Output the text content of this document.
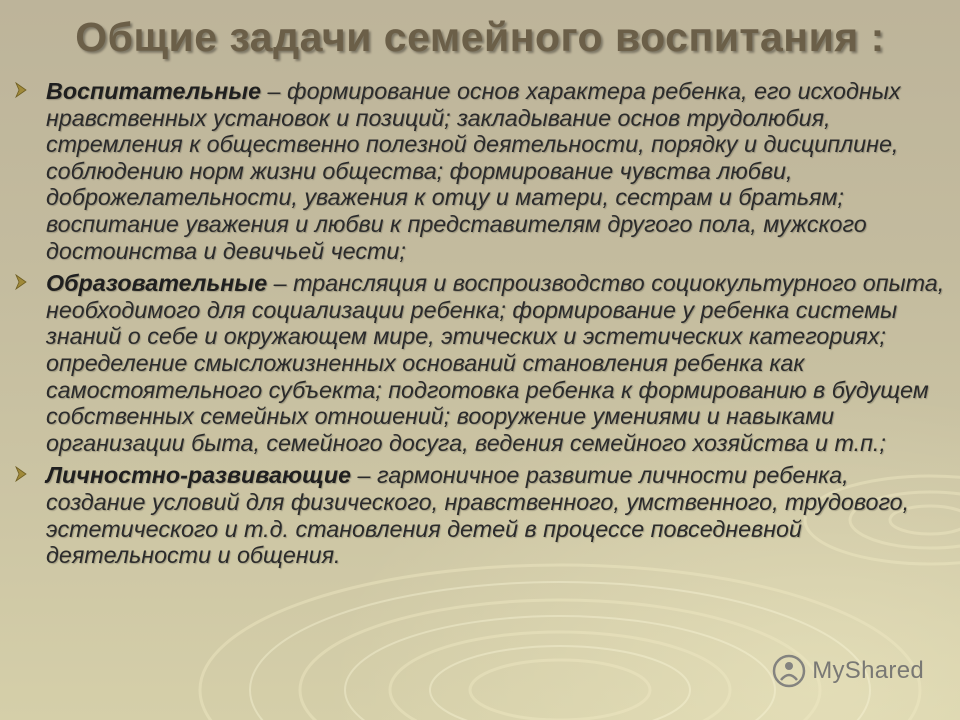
Общие задачи семейного воспитания :
Воспитательные – формирование основ характера ребенка, его исходных нравственных установок и позиций; закладывание основ трудолюбия, стремления к общественно полезной деятельности, порядку и дисциплине, соблюдению норм жизни общества; формирование чувства любви, доброжелательности, уважения к отцу и матери, сестрам и братьям; воспитание уважения и любви к представителям другого пола, мужского достоинства и девичьей чести;
Образовательные – трансляция и воспроизводство социокультурного опыта, необходимого для социализации ребенка; формирование у ребенка системы знаний о себе и окружающем мире, этических и эстетических категориях; определение смысложизненных оснований становления ребенка как самостоятельного субъекта; подготовка ребенка к формированию в будущем собственных семейных отношений; вооружение умениями и навыками организации быта, семейного досуга, ведения семейного хозяйства и т.п.;
Личностно-развивающие – гармоничное развитие личности ребенка, создание условий для физического, нравственного, умственного, трудового, эстетического и т.д. становления детей в процессе повседневной деятельности и общения.
MyShared
